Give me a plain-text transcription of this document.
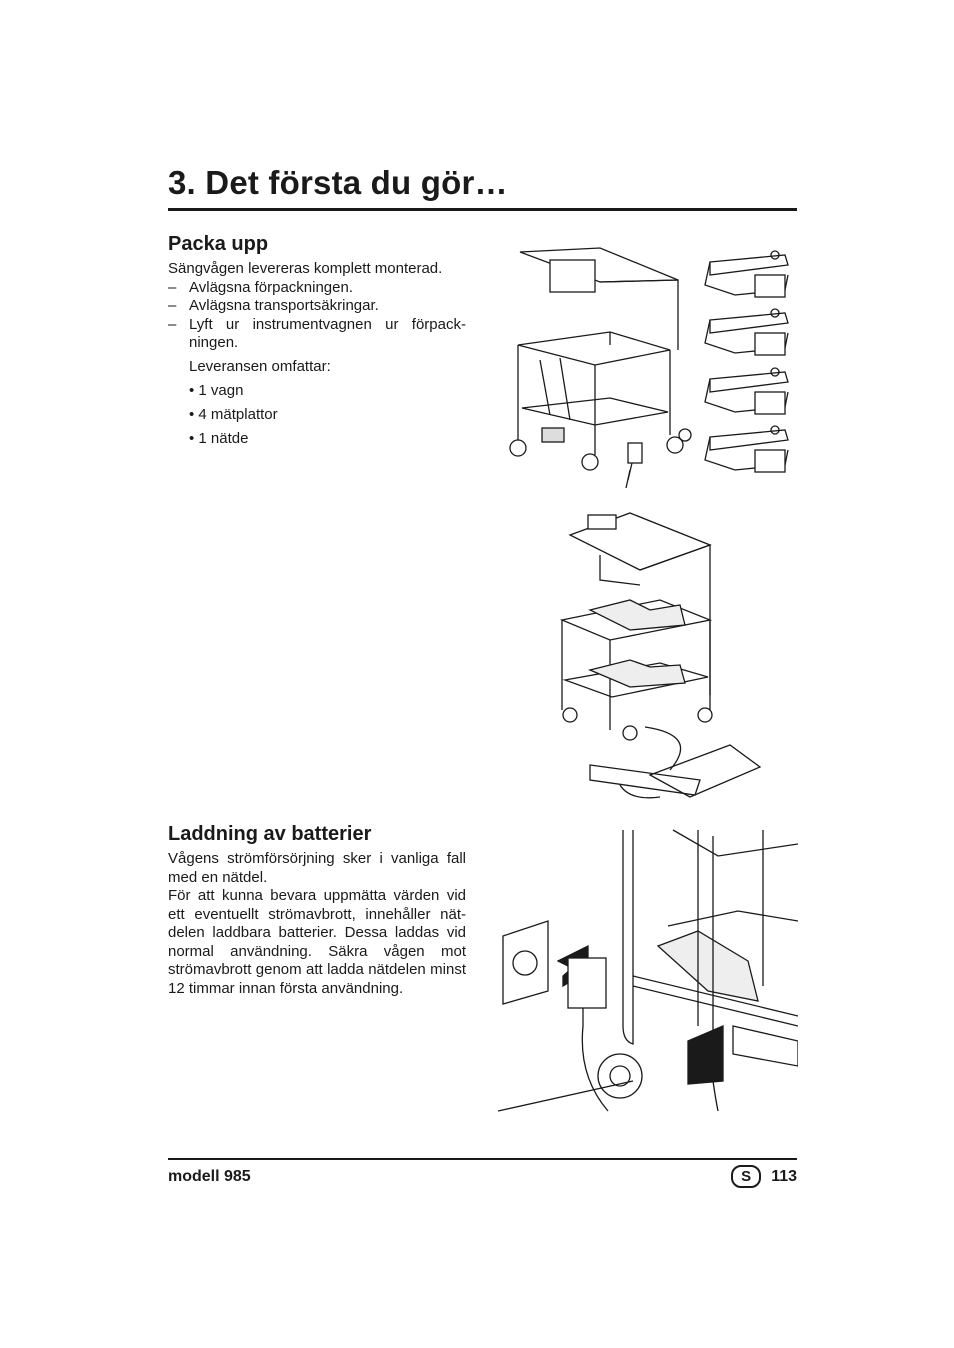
3. Det första du gör…
Packa upp

Sängvågen levereras komplett monterad.

– Avlägsna förpackningen.
– Avlägsna transportsäkringar.
– Lyft ur instrumentvagnen ur förpackningen.

Leveransen omfattar:

• 1 vagn
• 4 mätplattor
• 1 nätde
Laddning av batterier

Vågens strömförsörjning sker i vanliga fall med en nätdel.

För att kunna bevara uppmätta värden vid ett eventuellt strömavbrott, innehåller nätdelen laddbara batterier. Dessa laddas vid normal användning. Säkra vågen mot strömavbrott genom att ladda nätdelen minst 12 timmar innan första användning.

modell 985	S	113
